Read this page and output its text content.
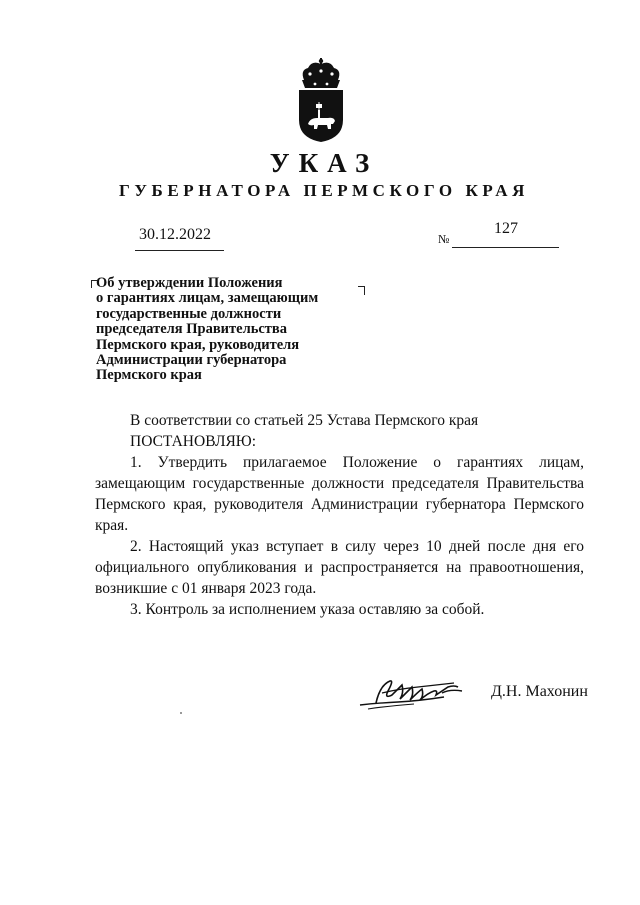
УКАЗ
ГУБЕРНАТОРА ПЕРМСКОГО КРАЯ
30.12.2022	№
127
Об утверждении Положения
о гарантиях лицам, замещающим
государственные должности
председателя Правительства
Пермского края, руководителя
Администрации губернатора
Пермского края
В соответствии со статьей 25 Устава Пермского края
ПОСТАНОВЛЯЮ:
1. Утвердить прилагаемое Положение о гарантиях лицам, замещающим государственные должности председателя Правительства Пермского края, руководителя Администрации губернатора Пермского края.
2. Настоящий указ вступает в силу через 10 дней после дня его официального опубликования и распространяется на правоотношения, возникшие с 01 января 2023 года.
3. Контроль за исполнением указа оставляю за собой.
Д.Н. Махонин
